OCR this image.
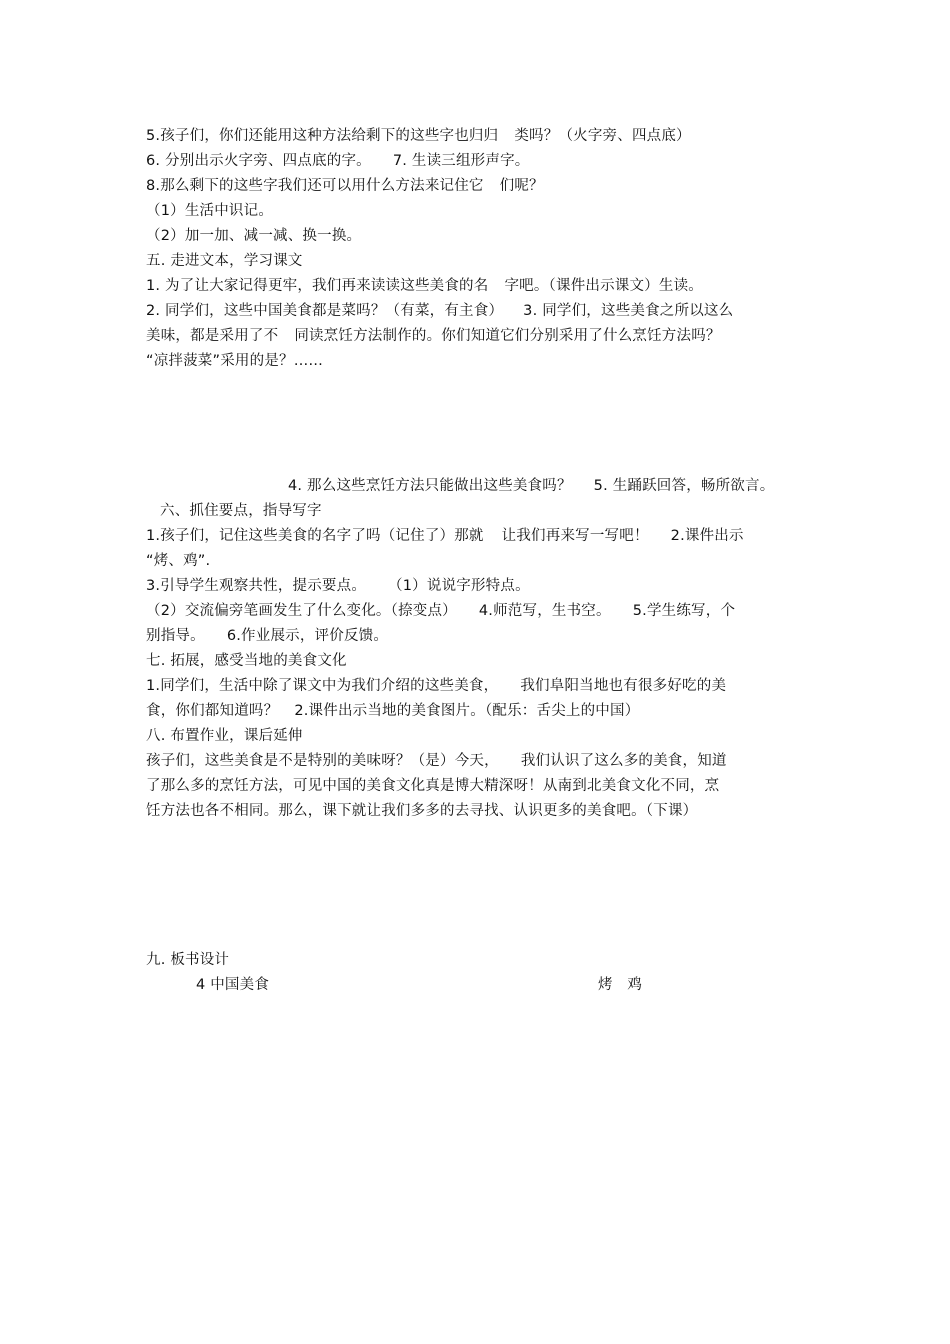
5.孩子们，你们还能用这种方法给剩下的这些字也归归 类吗？（火字旁、四点底）
6. 分别出示火字旁、四点底的字。 7. 生读三组形声字。
8.那么剩下的这些字我们还可以用什么方法来记住它 们呢？
（1）生活中识记。
（2）加一加、减一减、换一换。
五. 走进文本，学习课文
1. 为了让大家记得更牢，我们再来读读这些美食的名 字吧。（课件出示课文）生读。
2. 同学们，这些中国美食都是菜吗？（有菜，有主食） 3. 同学们，这些美食之所以这么
美味，都是采用了不 同读烹饪方法制作的。你们知道它们分别采用了什么烹饪方法吗？
“凉拌菠菜”采用的是？……
4. 那么这些烹饪方法只能做出这些美食吗？ 5. 生踊跃回答，畅所欲言。
六、抓住要点，指导写字
1.孩子们，记住这些美食的名字了吗（记住了）那就 让我们再来写一写吧！ 2.课件出示
“烤、鸡”.
3.引导学生观察共性，提示要点。 （1）说说字形特点。
（2）交流偏旁笔画发生了什么变化。（捺变点） 4.师范写，生书空。 5.学生练写，个
别指导。 6.作业展示，评价反馈。
七. 拓展，感受当地的美食文化
1.同学们，生活中除了课文中为我们介绍的这些美食， 我们阜阳当地也有很多好吃的美
食，你们都知道吗？ 2.课件出示当地的美食图片。（配乐：舌尖上的中国）
八. 布置作业，课后延伸
孩子们，这些美食是不是特别的美味呀？（是）今天， 我们认识了这么多的美食，知道
了那么多的烹饪方法，可见中国的美食文化真是博大精深呀！从南到北美食文化不同，烹
饪方法也各不相同。那么，课下就让我们多多的去寻找、认识更多的美食吧。（下课）
九. 板书设计
4 中国美食	烤　鸡
